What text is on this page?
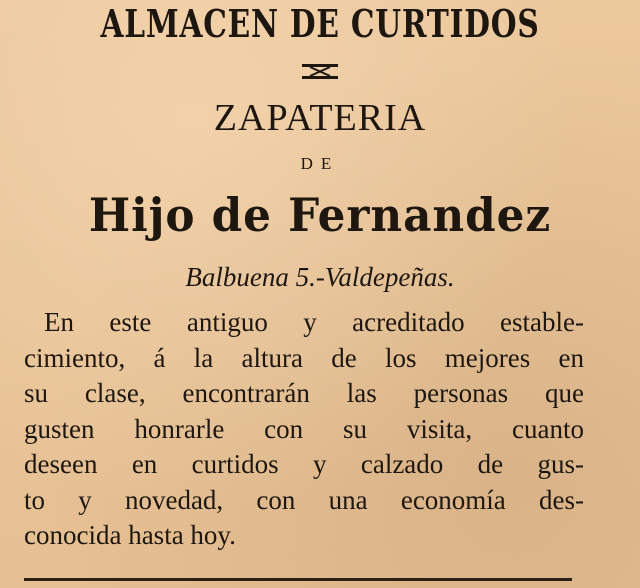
ALMACEN DE CURTIDOS
ZAPATERIA
DE
Hijo de Fernandez
Balbuena 5.-Valdepeñas.
En este antiguo y acreditado estable-
cimiento, á la altura de los mejores en
su clase, encontrarán las personas que
gusten honrarle con su visita, cuanto
deseen en curtidos y calzado de gus-
to y novedad, con una economía des-
conocida hasta hoy.
